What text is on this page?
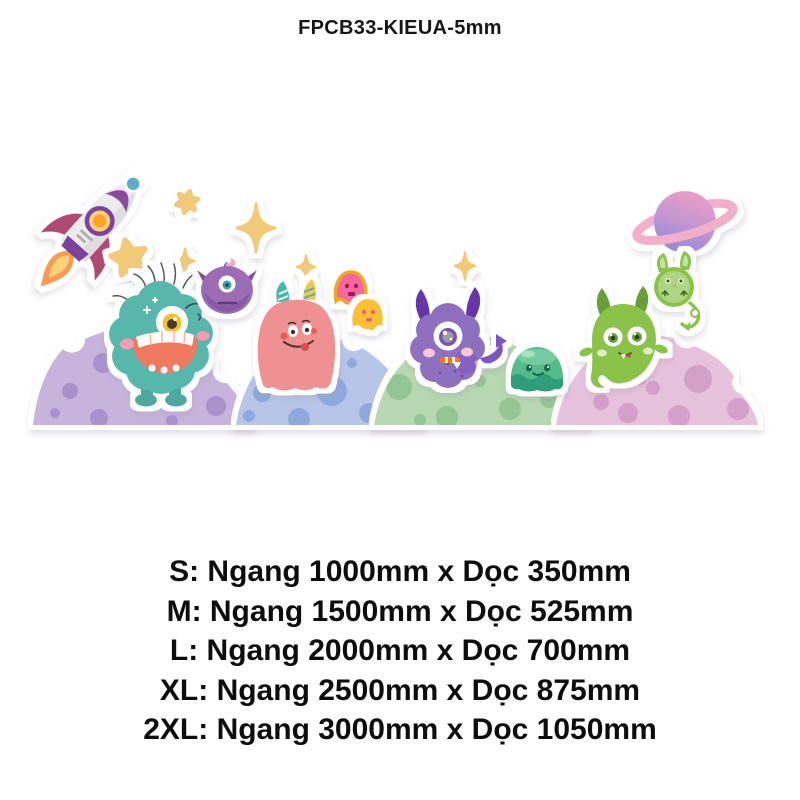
FPCB33-KIEUA-5mm
S: Ngang 1000mm x Dọc 350mm
M: Ngang 1500mm x Dọc 525mm
L: Ngang 2000mm x Dọc 700mm
XL: Ngang 2500mm x Dọc 875mm
2XL: Ngang 3000mm x Dọc 1050mm
